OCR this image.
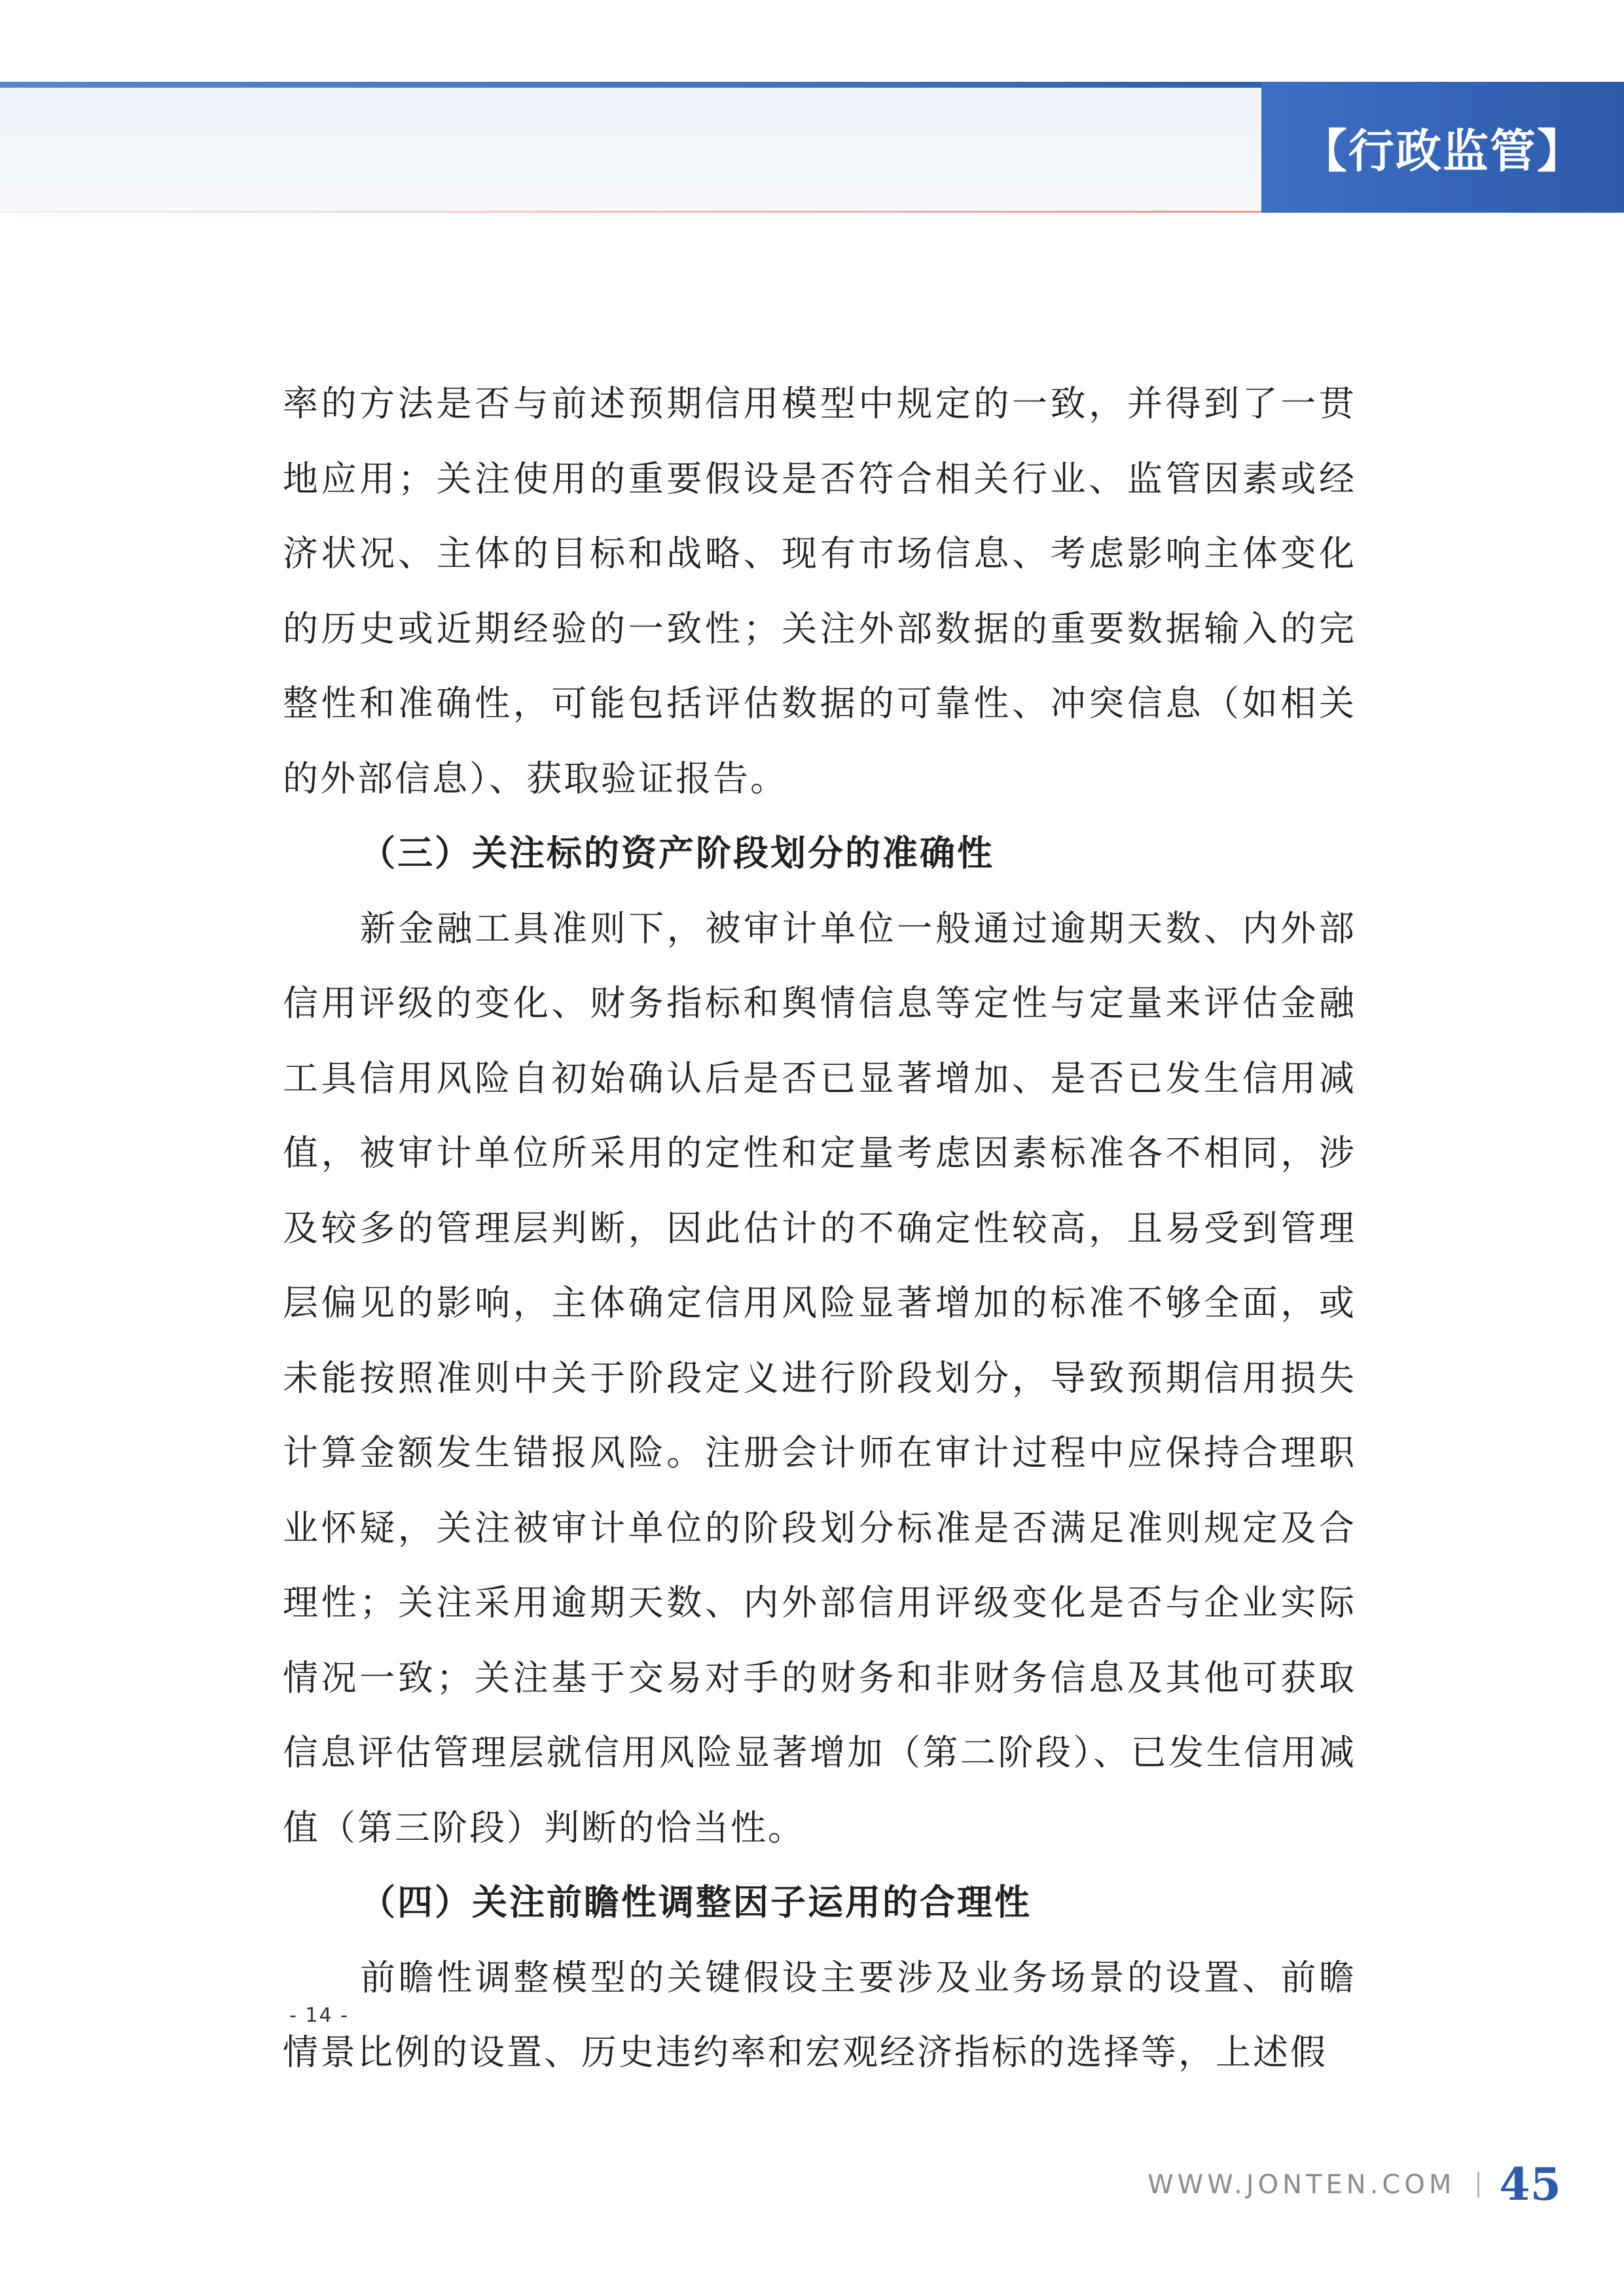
【行政监管】

率的方法是否与前述预期信用模型中规定的一致，并得到了一贯地应用；关注使用的重要假设是否符合相关行业、监管因素或经济状况、主体的目标和战略、现有市场信息、考虑影响主体变化的历史或近期经验的一致性；关注外部数据的重要数据输入的完整性和准确性，可能包括评估数据的可靠性、冲突信息（如相关的外部信息）、获取验证报告。

（三）关注标的资产阶段划分的准确性

新金融工具准则下，被审计单位一般通过逾期天数、内外部信用评级的变化、财务指标和舆情信息等定性与定量来评估金融工具信用风险自初始确认后是否已显著增加、是否已发生信用减值，被审计单位所采用的定性和定量考虑因素标准各不相同，涉及较多的管理层判断，因此估计的不确定性较高，且易受到管理层偏见的影响，主体确定信用风险显著增加的标准不够全面，或未能按照准则中关于阶段定义进行阶段划分，导致预期信用损失计算金额发生错报风险。注册会计师在审计过程中应保持合理职业怀疑，关注被审计单位的阶段划分标准是否满足准则规定及合理性；关注采用逾期天数、内外部信用评级变化是否与企业实际情况一致；关注基于交易对手的财务和非财务信息及其他可获取信息评估管理层就信用风险显著增加（第二阶段）、已发生信用减值（第三阶段）判断的恰当性。

（四）关注前瞻性调整因子运用的合理性

前瞻性调整模型的关键假设主要涉及业务场景的设置、前瞻情景比例的设置、历史违约率和宏观经济指标的选择等，上述假

- 14 -
WWW.JONTEN.COM 45
